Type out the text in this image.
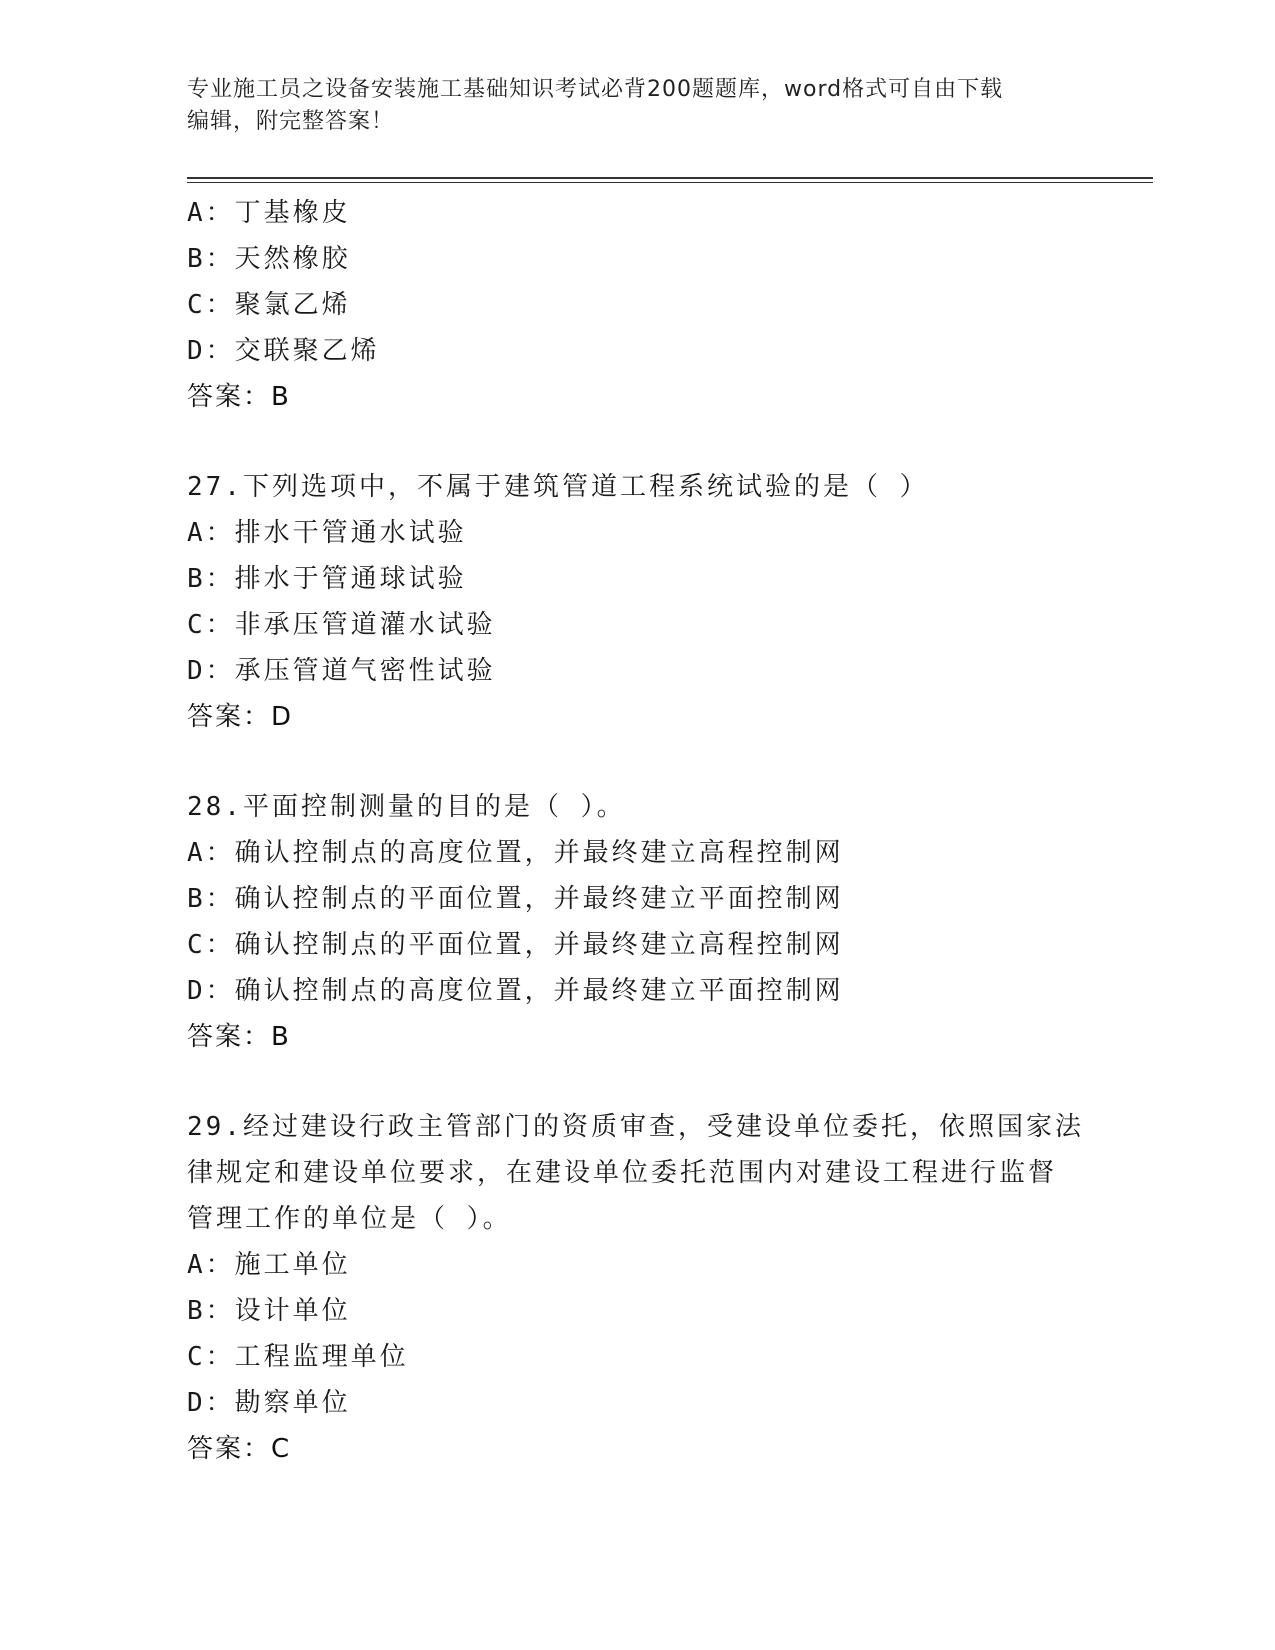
专业施工员之设备安装施工基础知识考试必背200题题库，word格式可自由下载
编辑，附完整答案！
A：丁基橡皮
B：天然橡胶
C：聚氯乙烯
D：交联聚乙烯
答案：B
27.下列选项中，不属于建筑管道工程系统试验的是（ ）
A：排水干管通水试验
B：排水于管通球试验
C：非承压管道灌水试验
D：承压管道气密性试验
答案：D
28.平面控制测量的目的是（ ）。
A：确认控制点的高度位置，并最终建立高程控制网
B：确认控制点的平面位置，并最终建立平面控制网
C：确认控制点的平面位置，并最终建立高程控制网
D：确认控制点的高度位置，并最终建立平面控制网
答案：B
29.经过建设行政主管部门的资质审查，受建设单位委托，依照国家法
律规定和建设单位要求，在建设单位委托范围内对建设工程进行监督
管理工作的单位是（ ）。
A：施工单位
B：设计单位
C：工程监理单位
D：勘察单位
答案：C
